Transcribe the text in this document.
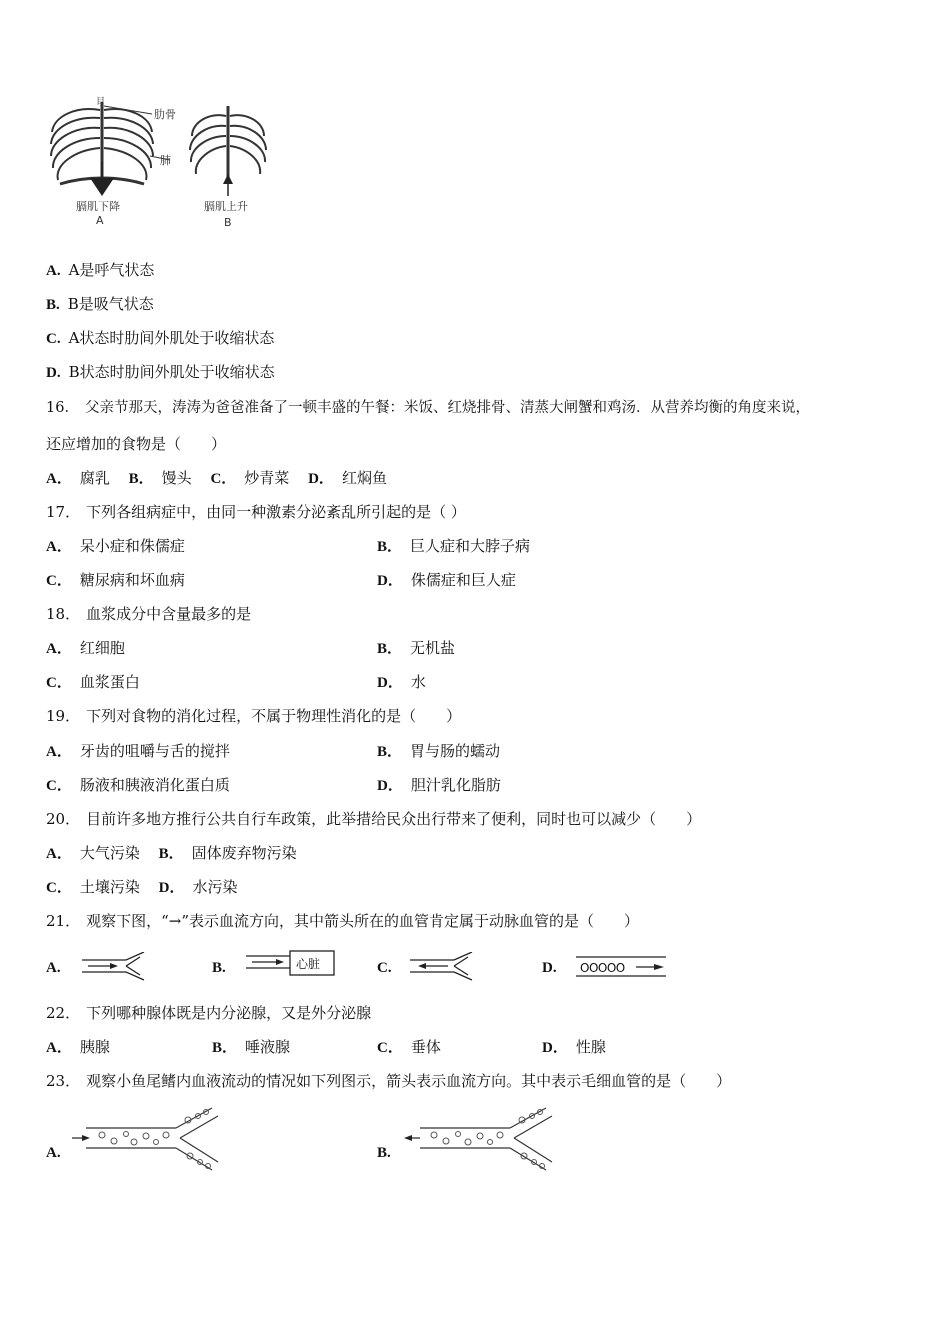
目
肋骨
肺
膈肌下降
A
膈肌上升
B
A. A是呼气状态
B. B是吸气状态
C. A状态时肋间外肌处于收缩状态
D. B状态时肋间外肌处于收缩状态
16． 父亲节那天，涛涛为爸爸准备了一顿丰盛的午餐：米饭、红烧排骨、清蒸大闸蟹和鸡汤．从营养均衡的角度来说，
还应增加的食物是（　　）
A． 腐乳 B． 馒头 C． 炒青菜 D． 红焖鱼
17． 下列各组病症中，由同一种激素分泌紊乱所引起的是（ ）
A． 呆小症和侏儒症	B． 巨人症和大脖子病
C． 糖尿病和坏血病	D． 侏儒症和巨人症
18． 血浆成分中含量最多的是
A． 红细胞	B． 无机盐
C． 血浆蛋白	D． 水
19． 下列对食物的消化过程，不属于物理性消化的是（　　）
A． 牙齿的咀嚼与舌的搅拌	B． 胃与肠的蠕动
C． 肠液和胰液消化蛋白质	D． 胆汁乳化脂肪
20． 目前许多地方推行公共自行车政策，此举措给民众出行带来了便利，同时也可以减少（　　）
A． 大气污染 B． 固体废弃物污染
C． 土壤污染 D． 水污染
21． 观察下图，“→”表示血流方向，其中箭头所在的血管肯定属于动脉血管的是（　　）
A.	B.	心脏	C.	D.	OOOOO
22． 下列哪种腺体既是内分泌腺，又是外分泌腺
A． 胰腺	B． 唾液腺	C． 垂体	D． 性腺
23． 观察小鱼尾鳍内血液流动的情况如下列图示，箭头表示血流方向。其中表示毛细血管的是（　　）
A.	B.
